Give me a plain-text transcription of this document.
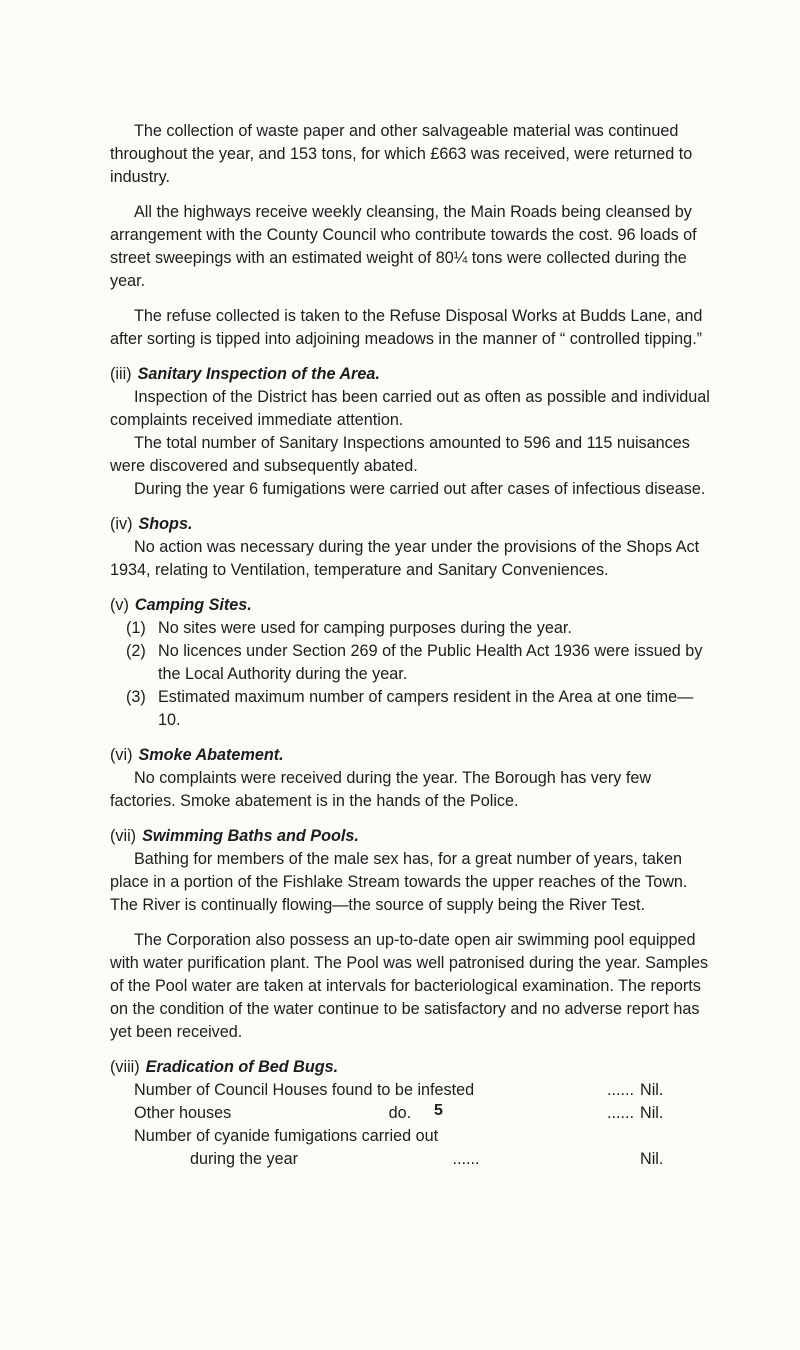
The collection of waste paper and other salvageable material was continued throughout the year, and 153 tons, for which £663 was received, were returned to industry.

All the highways receive weekly cleansing, the Main Roads being cleansed by arrangement with the County Council who contribute towards the cost. 96 loads of street sweepings with an estimated weight of 80¼ tons were collected during the year.

The refuse collected is taken to the Refuse Disposal Works at Budds Lane, and after sorting is tipped into adjoining meadows in the manner of “ controlled tipping.”

(iii) Sanitary Inspection of the Area.

Inspection of the District has been carried out as often as possible and individual complaints received immediate attention.

The total number of Sanitary Inspections amounted to 596 and 115 nuisances were discovered and subsequently abated.

During the year 6 fumigations were carried out after cases of infectious disease.

(iv) Shops.

No action was necessary during the year under the provisions of the Shops Act 1934, relating to Ventilation, temperature and Sanitary Conveniences.

(v) Camping Sites.

(1) No sites were used for camping purposes during the year.

(2) No licences under Section 269 of the Public Health Act 1936 were issued by the Local Authority during the year.

(3) Estimated maximum number of campers resident in the Area at one time—10.

(vi) Smoke Abatement.

No complaints were received during the year. The Borough has very few factories. Smoke abatement is in the hands of the Police.

(vii) Swimming Baths and Pools.

Bathing for members of the male sex has, for a great number of years, taken place in a portion of the Fishlake Stream towards the upper reaches of the Town. The River is continually flowing—the source of supply being the River Test.

The Corporation also possess an up-to-date open air swimming pool equipped with water purification plant. The Pool was well patronised during the year. Samples of the Pool water are taken at intervals for bacteriological examination. The reports on the condition of the water continue to be satisfactory and no adverse report has yet been received.

(viii) Eradication of Bed Bugs.

Number of Council Houses found to be infested	...... Nil.
Other houses                                   do.	...... Nil.
Number of cyanide fumigations carried out
during the year	......	Nil.
5
